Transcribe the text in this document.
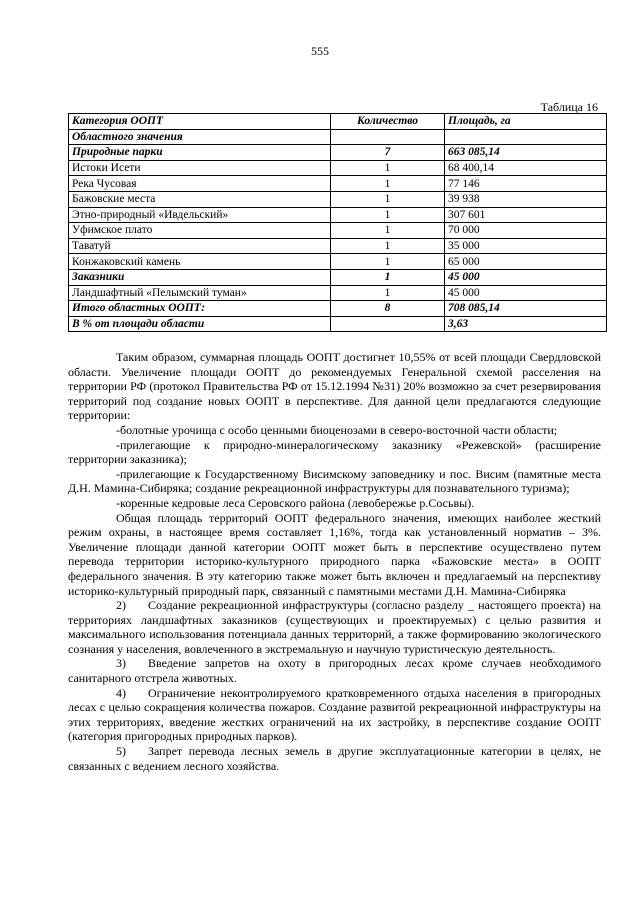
555
Таблица 16
Категория ООПТ	Количество	Площадь, га
Областного значения		
Природные парки	7	663 085,14
Истоки Исети	1	68 400,14
Река Чусовая	1	77 146
Бажовские места	1	39 938
Этно-природный «Ивдельский»	1	307 601
Уфимское плато	1	70 000
Таватуй	1	35 000
Конжаковский камень	1	65 000
Заказники	1	45 000
Ландшафтный «Пелымский туман»	1	45 000
Итого областных ООПТ:	8	708 085,14
В % от площади области		3,63

Таким образом, суммарная площадь ООПТ достигнет 10,55% от всей площади Свердловской области. Увеличение площади ООПТ до рекомендуемых Генеральной схемой расселения на территории РФ (протокол Правительства РФ от 15.12.1994 №31) 20% возможно за счет резервирования территорий под создание новых ООПТ в перспективе. Для данной цели предлагаются следующие территории:

-болотные урочища с особо ценными биоценозами в северо-восточной части области;

-прилегающие к природно-минералогическому заказнику «Режевской» (расширение территории заказника);

-прилегающие к Государственному Висимскому заповеднику и пос. Висим (памятные места Д.Н. Мамина-Сибиряка; создание рекреационной инфраструктуры для познавательного туризма);

-коренные кедровые леса Серовского района (левобережье р.Сосьвы).

Общая площадь территорий ООПТ федерального значения, имеющих наиболее жесткий режим охраны, в настоящее время составляет 1,16%, тогда как установленный норматив – 3%. Увеличение площади данной категории ООПТ может быть в перспективе осуществлено путем перевода территории историко-культурного природного парка «Бажовские места» в ООПТ федерального значения. В эту категорию также может быть включен и предлагаемый на перспективу историко-культурный природный парк, связанный с памятными местами Д.Н. Мамина-Сибиряка

2) Создание рекреационной инфраструктуры (согласно разделу _ настоящего проекта) на территориях ландшафтных заказников (существующих и проектируемых) с целью развития и максимального использования потенциала данных территорий, а также формированию экологического сознания у населения, вовлеченного в экстремальную и научную туристическую деятельность.

3) Введение запретов на охоту в пригородных лесах кроме случаев необходимого санитарного отстрела животных.

4) Ограничение неконтролируемого кратковременного отдыха населения в пригородных лесах с целью сокращения количества пожаров. Создание развитой рекреационной инфраструктуры на этих территориях, введение жестких ограничений на их застройку, в перспективе создание ООПТ (категория пригородных природных парков).

5) Запрет перевода лесных земель в другие эксплуатационные категории в целях, не связанных с ведением лесного хозяйства.
